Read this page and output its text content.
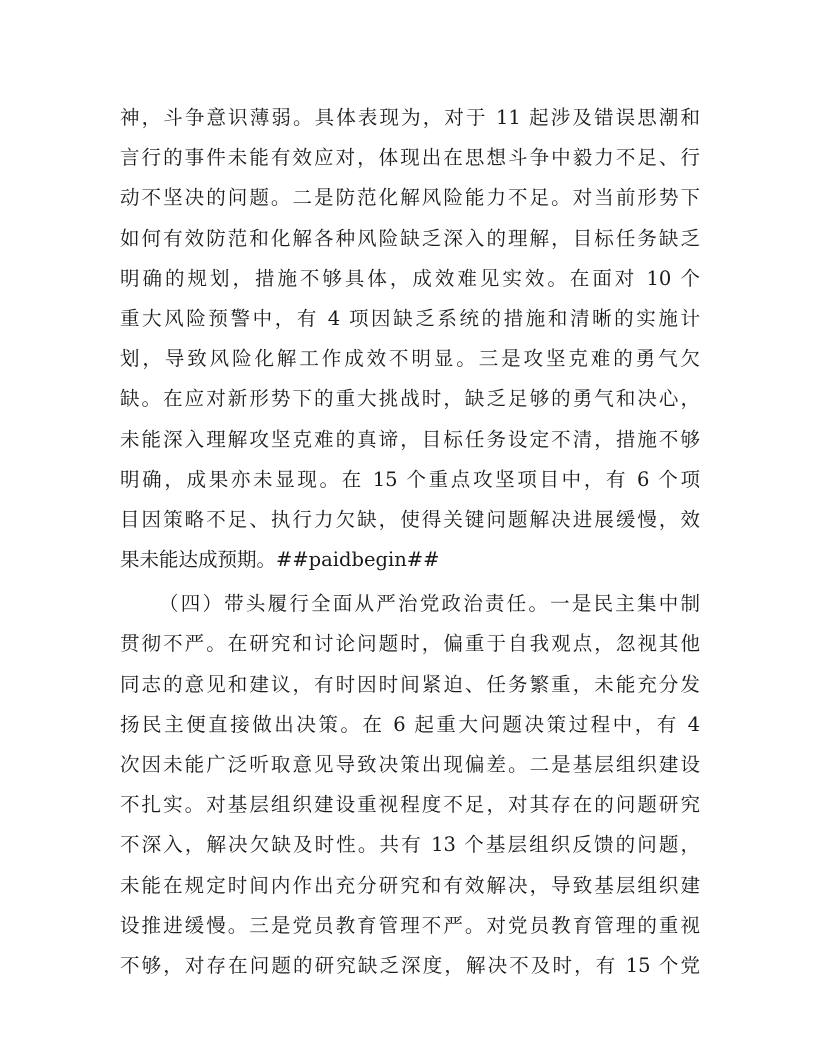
神，斗争意识薄弱。具体表现为，对于 11 起涉及错误思潮和
言行的事件未能有效应对，体现出在思想斗争中毅力不足、行
动不坚决的问题。二是防范化解风险能力不足。对当前形势下
如何有效防范和化解各种风险缺乏深入的理解，目标任务缺乏
明确的规划，措施不够具体，成效难见实效。在面对 10 个
重大风险预警中，有 4 项因缺乏系统的措施和清晰的实施计
划，导致风险化解工作成效不明显。三是攻坚克难的勇气欠
缺。在应对新形势下的重大挑战时，缺乏足够的勇气和决心，
未能深入理解攻坚克难的真谛，目标任务设定不清，措施不够
明确，成果亦未显现。在 15 个重点攻坚项目中，有 6 个项
目因策略不足、执行力欠缺，使得关键问题解决进展缓慢，效
果未能达成预期。##paidbegin##
（四）带头履行全面从严治党政治责任。一是民主集中制
贯彻不严。在研究和讨论问题时，偏重于自我观点，忽视其他
同志的意见和建议，有时因时间紧迫、任务繁重，未能充分发
扬民主便直接做出决策。在 6 起重大问题决策过程中，有 4
次因未能广泛听取意见导致决策出现偏差。二是基层组织建设
不扎实。对基层组织建设重视程度不足，对其存在的问题研究
不深入，解决欠缺及时性。共有 13 个基层组织反馈的问题，
未能在规定时间内作出充分研究和有效解决，导致基层组织建
设推进缓慢。三是党员教育管理不严。对党员教育管理的重视
不够，对存在问题的研究缺乏深度，解决不及时，有 15 个党
